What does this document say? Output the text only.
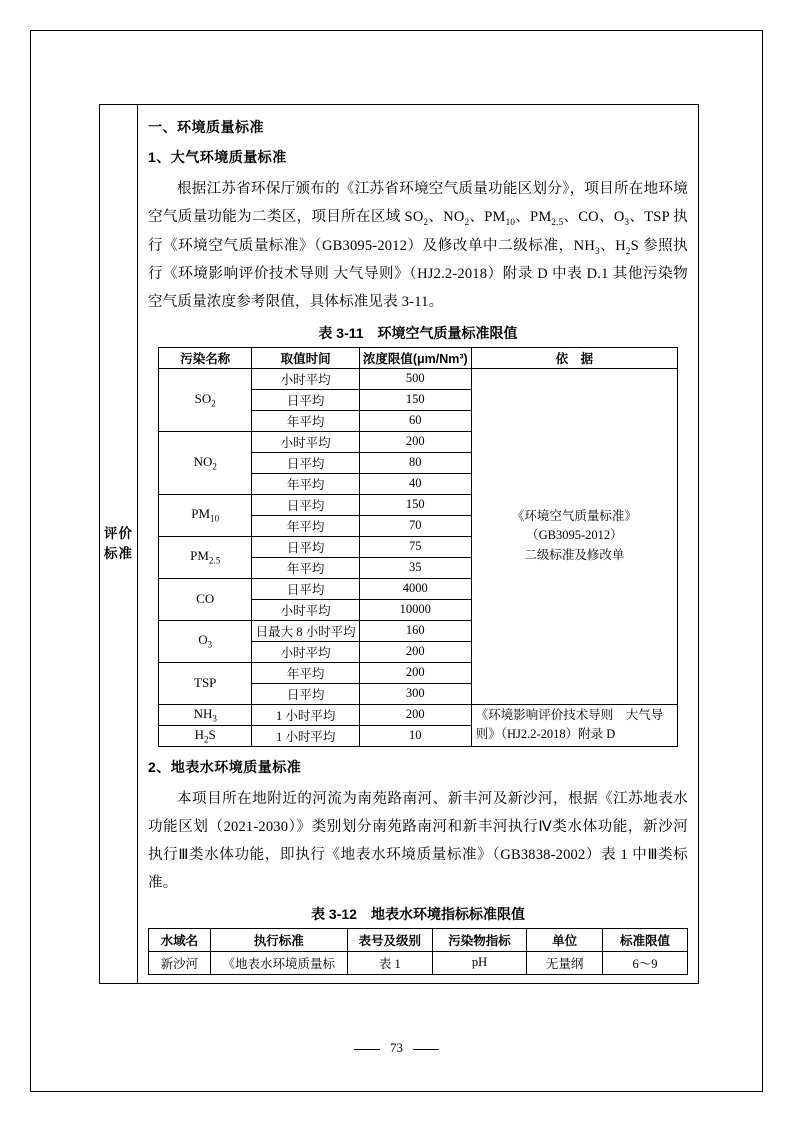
评价标准	
一、环境质量标准
1、大气环境质量标准

根据江苏省环保厅颁布的《江苏省环境空气质量功能区划分》，项目所在地环境空气质量功能为二类区，项目所在区域 $SO_2$、$NO_2$、$PM_{10}$、$PM_{2.5}$、CO、$O_3$、TSP 执行《环境空气质量标准》（GB3095-2012）及修改单中二级标准，$NH_3$、$H_2S$ 参照执行《环境影响评价技术导则 大气导则》（HJ2.2-2018）附录 D 中表 D.1 其他污染物空气质量浓度参考限值，具体标准见表 3-11。

表 3-11　环境空气质量标准限值
污染名称	取值时间	浓度限值(μm/Nm³)	依　据
$SO_2$	小时平均	500	
《环境空气质量标准》
（GB3095-2012）
二级标准及修改单

日平均	150
年平均	60
$NO_2$	小时平均	200
日平均	80
年平均	40
$PM_{10}$	日平均	150
年平均	70
$PM_{2.5}$	日平均	75
年平均	35
CO	日平均	4000
小时平均	10000
$O_3$	日最大 8 小时平均	160
小时平均	200
TSP	年平均	200
日平均	300
$NH_3$	1 小时平均	200	《环境影响评价技术导则　大气导则》（HJ2.2-2018）附录 D
$H_2S$	1 小时平均	10
2、地表水环境质量标准

本项目所在地附近的河流为南苑路南河、新丰河及新沙河，根据《江苏地表水功能区划（2021-2030）》类别划分南苑路南河和新丰河执行Ⅳ类水体功能，新沙河执行Ⅲ类水体功能，即执行《地表水环境质量标准》（GB3838-2002）表 1 中Ⅲ类标准。

表 3-12　地表水环境指标标准限值
水域名	执行标准	表号及级别	污染物指标	单位	标准限值
新沙河	《地表水环境质量标	表 1	pH	无量纲	6～9
73
